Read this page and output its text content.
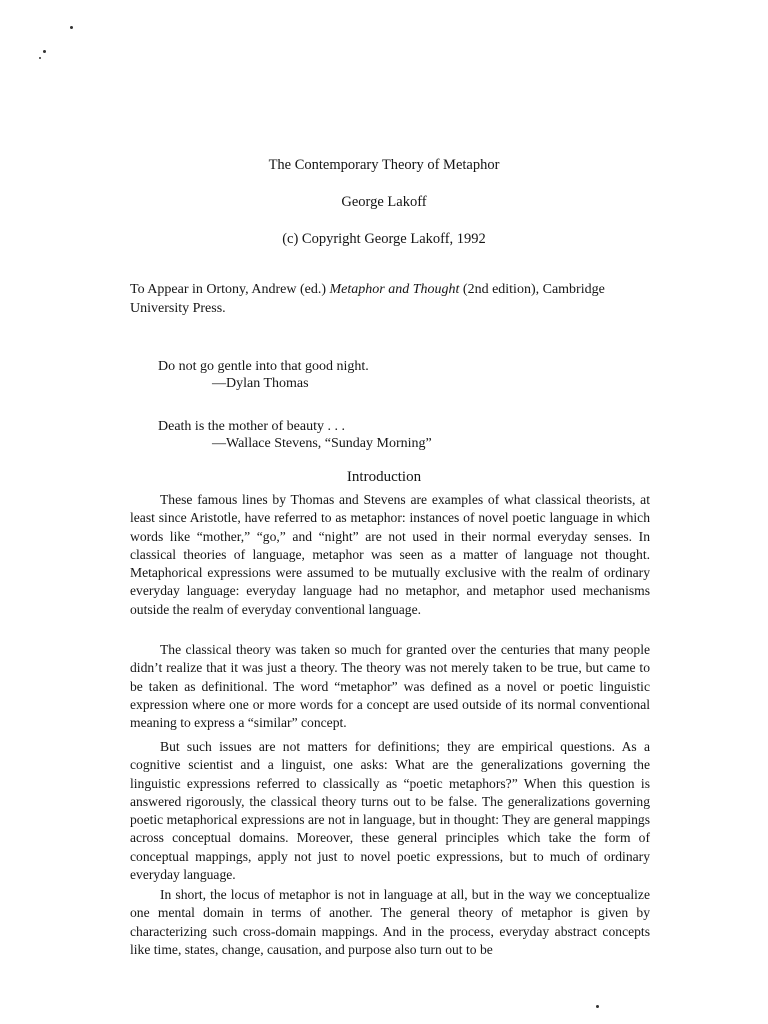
The Contemporary Theory of Metaphor
George Lakoff
(c) Copyright George Lakoff, 1992
To Appear in Ortony, Andrew (ed.) Metaphor and Thought (2nd edition), Cambridge University Press.
Do not go gentle into that good night.
—Dylan Thomas
Death is the mother of beauty . . .
—Wallace Stevens, “Sunday Morning”
Introduction
These famous lines by Thomas and Stevens are examples of what classical theorists, at least since Aristotle, have referred to as metaphor: instances of novel poetic language in which words like “mother,” “go,” and “night” are not used in their normal everyday senses. In classical theories of language, metaphor was seen as a matter of language not thought. Metaphorical expressions were assumed to be mutually exclusive with the realm of ordinary everyday language: everyday language had no metaphor, and metaphor used mechanisms outside the realm of everyday conventional language.
The classical theory was taken so much for granted over the centuries that many people didn’t realize that it was just a theory. The theory was not merely taken to be true, but came to be taken as definitional. The word “metaphor” was defined as a novel or poetic linguistic expression where one or more words for a concept are used outside of its normal conventional meaning to express a “similar” concept.
But such issues are not matters for definitions; they are empirical questions. As a cognitive scientist and a linguist, one asks: What are the generalizations governing the linguistic expressions referred to classically as “poetic metaphors?” When this question is answered rigorously, the classical theory turns out to be false. The generalizations governing poetic metaphorical expressions are not in language, but in thought: They are general mappings across conceptual domains. Moreover, these general principles which take the form of conceptual mappings, apply not just to novel poetic expressions, but to much of ordinary everyday language.
In short, the locus of metaphor is not in language at all, but in the way we conceptualize one mental domain in terms of another. The general theory of metaphor is given by characterizing such cross-domain mappings. And in the process, everyday abstract concepts like time, states, change, causation, and purpose also turn out to be
